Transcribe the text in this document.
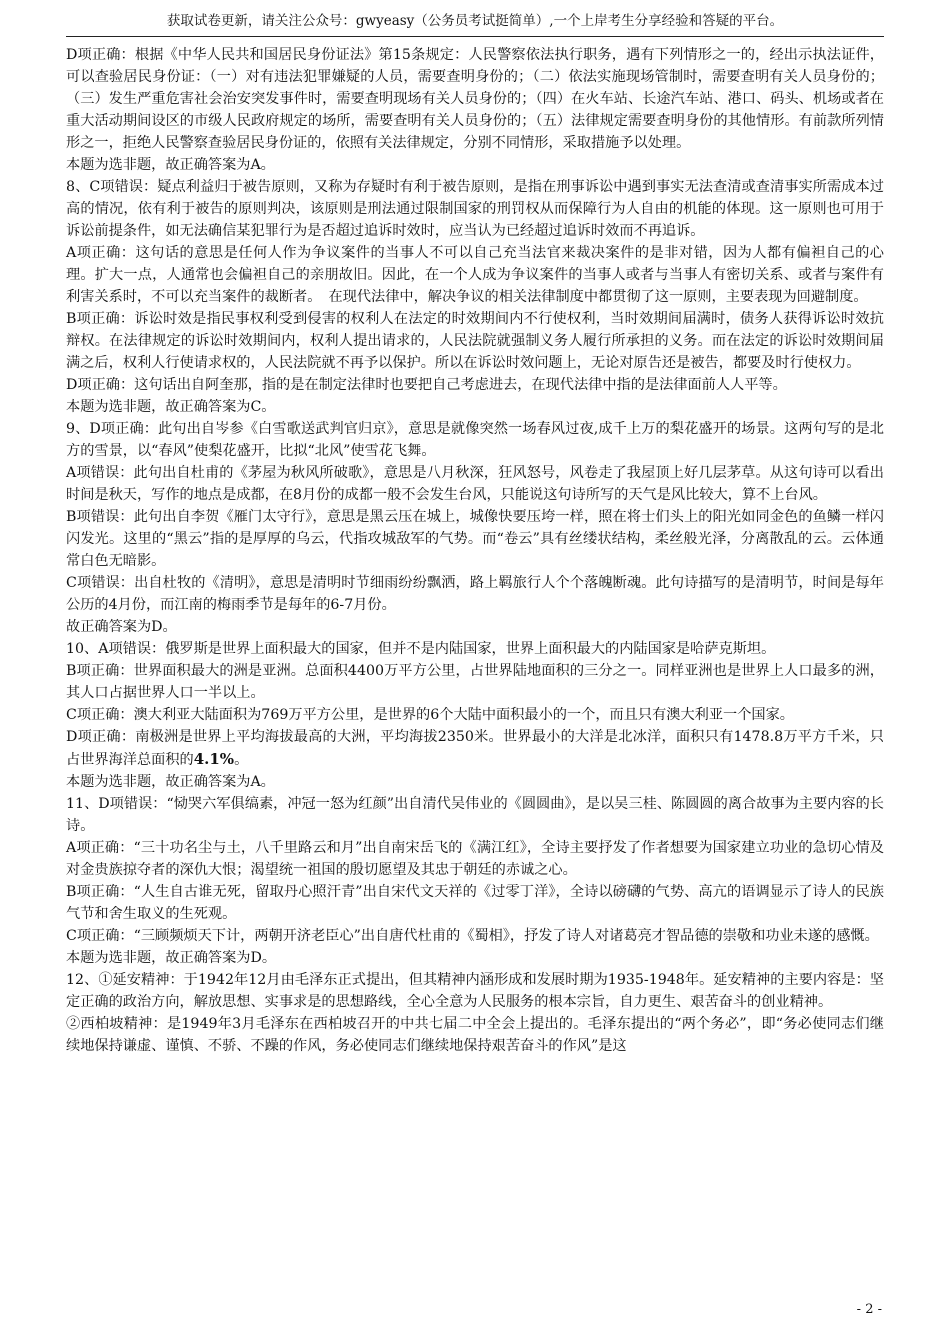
获取试卷更新，请关注公众号：gwyeasy（公务员考试挺简单）,一个上岸考生分享经验和答疑的平台。

D项正确：根据《中华人民共和国居民身份证法》第15条规定：人民警察依法执行职务，遇有下列情形之一的，经出示执法证件，可以查验居民身份证：（一）对有违法犯罪嫌疑的人员，需要查明身份的；（二）依法实施现场管制时，需要查明有关人员身份的；（三）发生严重危害社会治安突发事件时，需要查明现场有关人员身份的；（四）在火车站、长途汽车站、港口、码头、机场或者在重大活动期间设区的市级人民政府规定的场所，需要查明有关人员身份的；（五）法律规定需要查明身份的其他情形。有前款所列情形之一，拒绝人民警察查验居民身份证的，依照有关法律规定，分别不同情形，采取措施予以处理。

本题为选非题，故正确答案为A。

8、C项错误：疑点利益归于被告原则，又称为存疑时有利于被告原则，是指在刑事诉讼中遇到事实无法查清或查清事实所需成本过高的情况，依有利于被告的原则判决，该原则是刑法通过限制国家的刑罚权从而保障行为人自由的机能的体现。这一原则也可用于诉讼前提条件，如无法确信某犯罪行为是否超过追诉时效时，应当认为已经超过追诉时效而不再追诉。

A项正确：这句话的意思是任何人作为争议案件的当事人不可以自己充当法官来裁决案件的是非对错，因为人都有偏袒自己的心理。扩大一点，人通常也会偏袒自己的亲朋故旧。因此，在一个人成为争议案件的当事人或者与当事人有密切关系、或者与案件有利害关系时，不可以充当案件的裁断者。　在现代法律中，解决争议的相关法律制度中都贯彻了这一原则，主要表现为回避制度。

B项正确：诉讼时效是指民事权利受到侵害的权利人在法定的时效期间内不行使权利，当时效期间届满时，债务人获得诉讼时效抗辩权。在法律规定的诉讼时效期间内，权利人提出请求的，人民法院就强制义务人履行所承担的义务。而在法定的诉讼时效期间届满之后，权利人行使请求权的，人民法院就不再予以保护。所以在诉讼时效问题上，无论对原告还是被告，都要及时行使权力。

D项正确：这句话出自阿奎那，指的是在制定法律时也要把自己考虑进去，在现代法律中指的是法律面前人人平等。

本题为选非题，故正确答案为C。

9、D项正确：此句出自岑参《白雪歌送武判官归京》，意思是就像突然一场春风过夜,成千上万的梨花盛开的场景。这两句写的是北方的雪景，以“春风”使梨花盛开，比拟“北风”使雪花飞舞。

A项错误：此句出自杜甫的《茅屋为秋风所破歌》，意思是八月秋深，狂风怒号，风卷走了我屋顶上好几层茅草。从这句诗可以看出时间是秋天，写作的地点是成都，在8月份的成都一般不会发生台风，只能说这句诗所写的天气是风比较大，算不上台风。

B项错误：此句出自李贺《雁门太守行》，意思是黑云压在城上，城像快要压垮一样，照在将士们头上的阳光如同金色的鱼鳞一样闪闪发光。这里的“黑云”指的是厚厚的乌云，代指攻城敌军的气势。而“卷云”具有丝缕状结构，柔丝般光泽，分离散乱的云。云体通常白色无暗影。

C项错误：出自杜牧的《清明》，意思是清明时节细雨纷纷飘洒，路上羁旅行人个个落魄断魂。此句诗描写的是清明节，时间是每年公历的4月份，而江南的梅雨季节是每年的6-7月份。

故正确答案为D。

10、A项错误：俄罗斯是世界上面积最大的国家，但并不是内陆国家，世界上面积最大的内陆国家是哈萨克斯坦。

B项正确：世界面积最大的洲是亚洲。总面积4400万平方公里，占世界陆地面积的三分之一。同样亚洲也是世界上人口最多的洲，其人口占据世界人口一半以上。

C项正确：澳大利亚大陆面积为769万平方公里，是世界的6个大陆中面积最小的一个，而且只有澳大利亚一个国家。

D项正确：南极洲是世界上平均海拔最高的大洲，平均海拔2350米。世界最小的大洋是北冰洋，面积只有1478.8万平方千米，只占世界海洋总面积的4.1%。

本题为选非题，故正确答案为A。

11、D项错误：“恸哭六军俱缟素，冲冠一怒为红颜”出自清代吴伟业的《圆圆曲》，是以吴三桂、陈圆圆的离合故事为主要内容的长诗。

A项正确：“三十功名尘与土，八千里路云和月”出自南宋岳飞的《满江红》，全诗主要抒发了作者想要为国家建立功业的急切心情及对金贵族掠夺者的深仇大恨；渴望统一祖国的殷切愿望及其忠于朝廷的赤诚之心。

B项正确：“人生自古谁无死，留取丹心照汗青”出自宋代文天祥的《过零丁洋》，全诗以磅礴的气势、高亢的语调显示了诗人的民族气节和舍生取义的生死观。

C项正确：“三顾频烦天下计，两朝开济老臣心”出自唐代杜甫的《蜀相》，抒发了诗人对诸葛亮才智品德的崇敬和功业未遂的感慨。

本题为选非题，故正确答案为D。

12、①延安精神：于1942年12月由毛泽东正式提出，但其精神内涵形成和发展时期为1935-1948年。延安精神的主要内容是：坚定正确的政治方向，解放思想、实事求是的思想路线，全心全意为人民服务的根本宗旨，自力更生、艰苦奋斗的创业精神。

②西柏坡精神：是1949年3月毛泽东在西柏坡召开的中共七届二中全会上提出的。毛泽东提出的“两个务必”，即“务必使同志们继续地保持谦虚、谨慎、不骄、不躁的作风，务必使同志们继续地保持艰苦奋斗的作风”是这

- 2 -
